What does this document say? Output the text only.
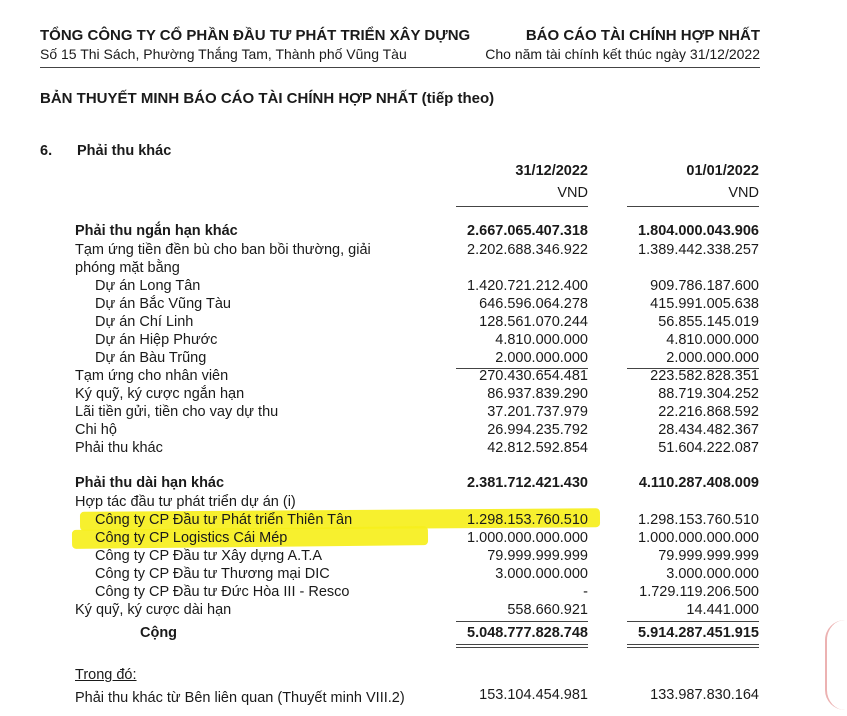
TỔNG CÔNG TY CỔ PHẦN ĐẦU TƯ PHÁT TRIỂN XÂY DỰNG
Số 15 Thi Sách, Phường Thắng Tam, Thành phố Vũng Tàu
BÁO CÁO TÀI CHÍNH HỢP NHẤT
Cho năm tài chính kết thúc ngày 31/12/2022
BẢN THUYẾT MINH BÁO CÁO TÀI CHÍNH HỢP NHẤT (tiếp theo)
6. Phải thu khác
31/12/2022
VND
01/01/2022
VND
Phải thu ngắn hạn khác	2.667.065.407.318	1.804.000.043.906
Tạm ứng tiền đền bù cho ban bồi thường, giải	2.202.688.346.922	1.389.442.338.257
phóng mặt bằng
Dự án Long Tân	1.420.721.212.400	909.786.187.600
Dự án Bắc Vũng Tàu	646.596.064.278	415.991.005.638
Dự án Chí Linh	128.561.070.244	56.855.145.019
Dự án Hiệp Phước	4.810.000.000	4.810.000.000
Dự án Bàu Trũng	2.000.000.000	2.000.000.000
Tạm ứng cho nhân viên	270.430.654.481	223.582.828.351
Ký quỹ, ký cược ngắn hạn	86.937.839.290	88.719.304.252
Lãi tiền gửi, tiền cho vay dự thu	37.201.737.979	22.216.868.592
Chi hộ	26.994.235.792	28.434.482.367
Phải thu khác	42.812.592.854	51.604.222.087
Phải thu dài hạn khác	2.381.712.421.430	4.110.287.408.009
Hợp tác đầu tư phát triển dự án (i)
Công ty CP Đầu tư Phát triển Thiên Tân	1.298.153.760.510	1.298.153.760.510
Công ty CP Logistics Cái Mép	1.000.000.000.000	1.000.000.000.000
Công ty CP Đầu tư Xây dựng A.T.A	79.999.999.999	79.999.999.999
Công ty CP Đầu tư Thương mại DIC	3.000.000.000	3.000.000.000
Công ty CP Đầu tư Đức Hòa III - Resco	-	1.729.119.206.500
Ký quỹ, ký cược dài hạn	558.660.921	14.441.000
Cộng	5.048.777.828.748	5.914.287.451.915
Trong đó:
Phải thu khác từ Bên liên quan (Thuyết minh VIII.2)	153.104.454.981	133.987.830.164
